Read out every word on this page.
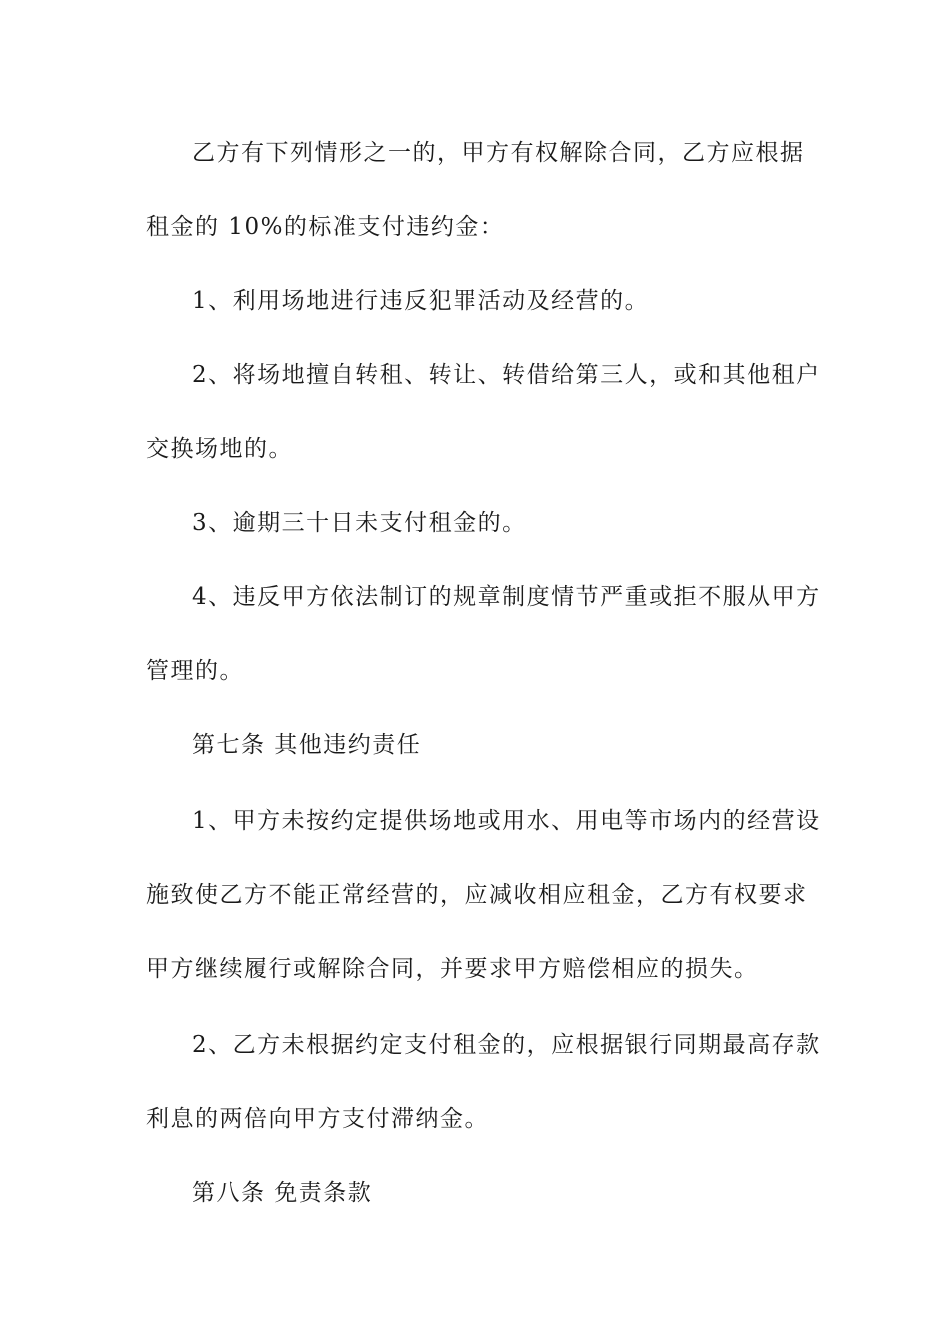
乙方有下列情形之一的，甲方有权解除合同，乙方应根据
租金的 10%的标准支付违约金：
1、利用场地进行违反犯罪活动及经营的。
2、将场地擅自转租、转让、转借给第三人，或和其他租户
交换场地的。
3、逾期三十日未支付租金的。
4、违反甲方依法制订的规章制度情节严重或拒不服从甲方
管理的。
第七条 其他违约责任
1、甲方未按约定提供场地或用水、用电等市场内的经营设
施致使乙方不能正常经营的，应减收相应租金，乙方有权要求
甲方继续履行或解除合同，并要求甲方赔偿相应的损失。
2、乙方未根据约定支付租金的，应根据银行同期最高存款
利息的两倍向甲方支付滞纳金。
第八条 免责条款
